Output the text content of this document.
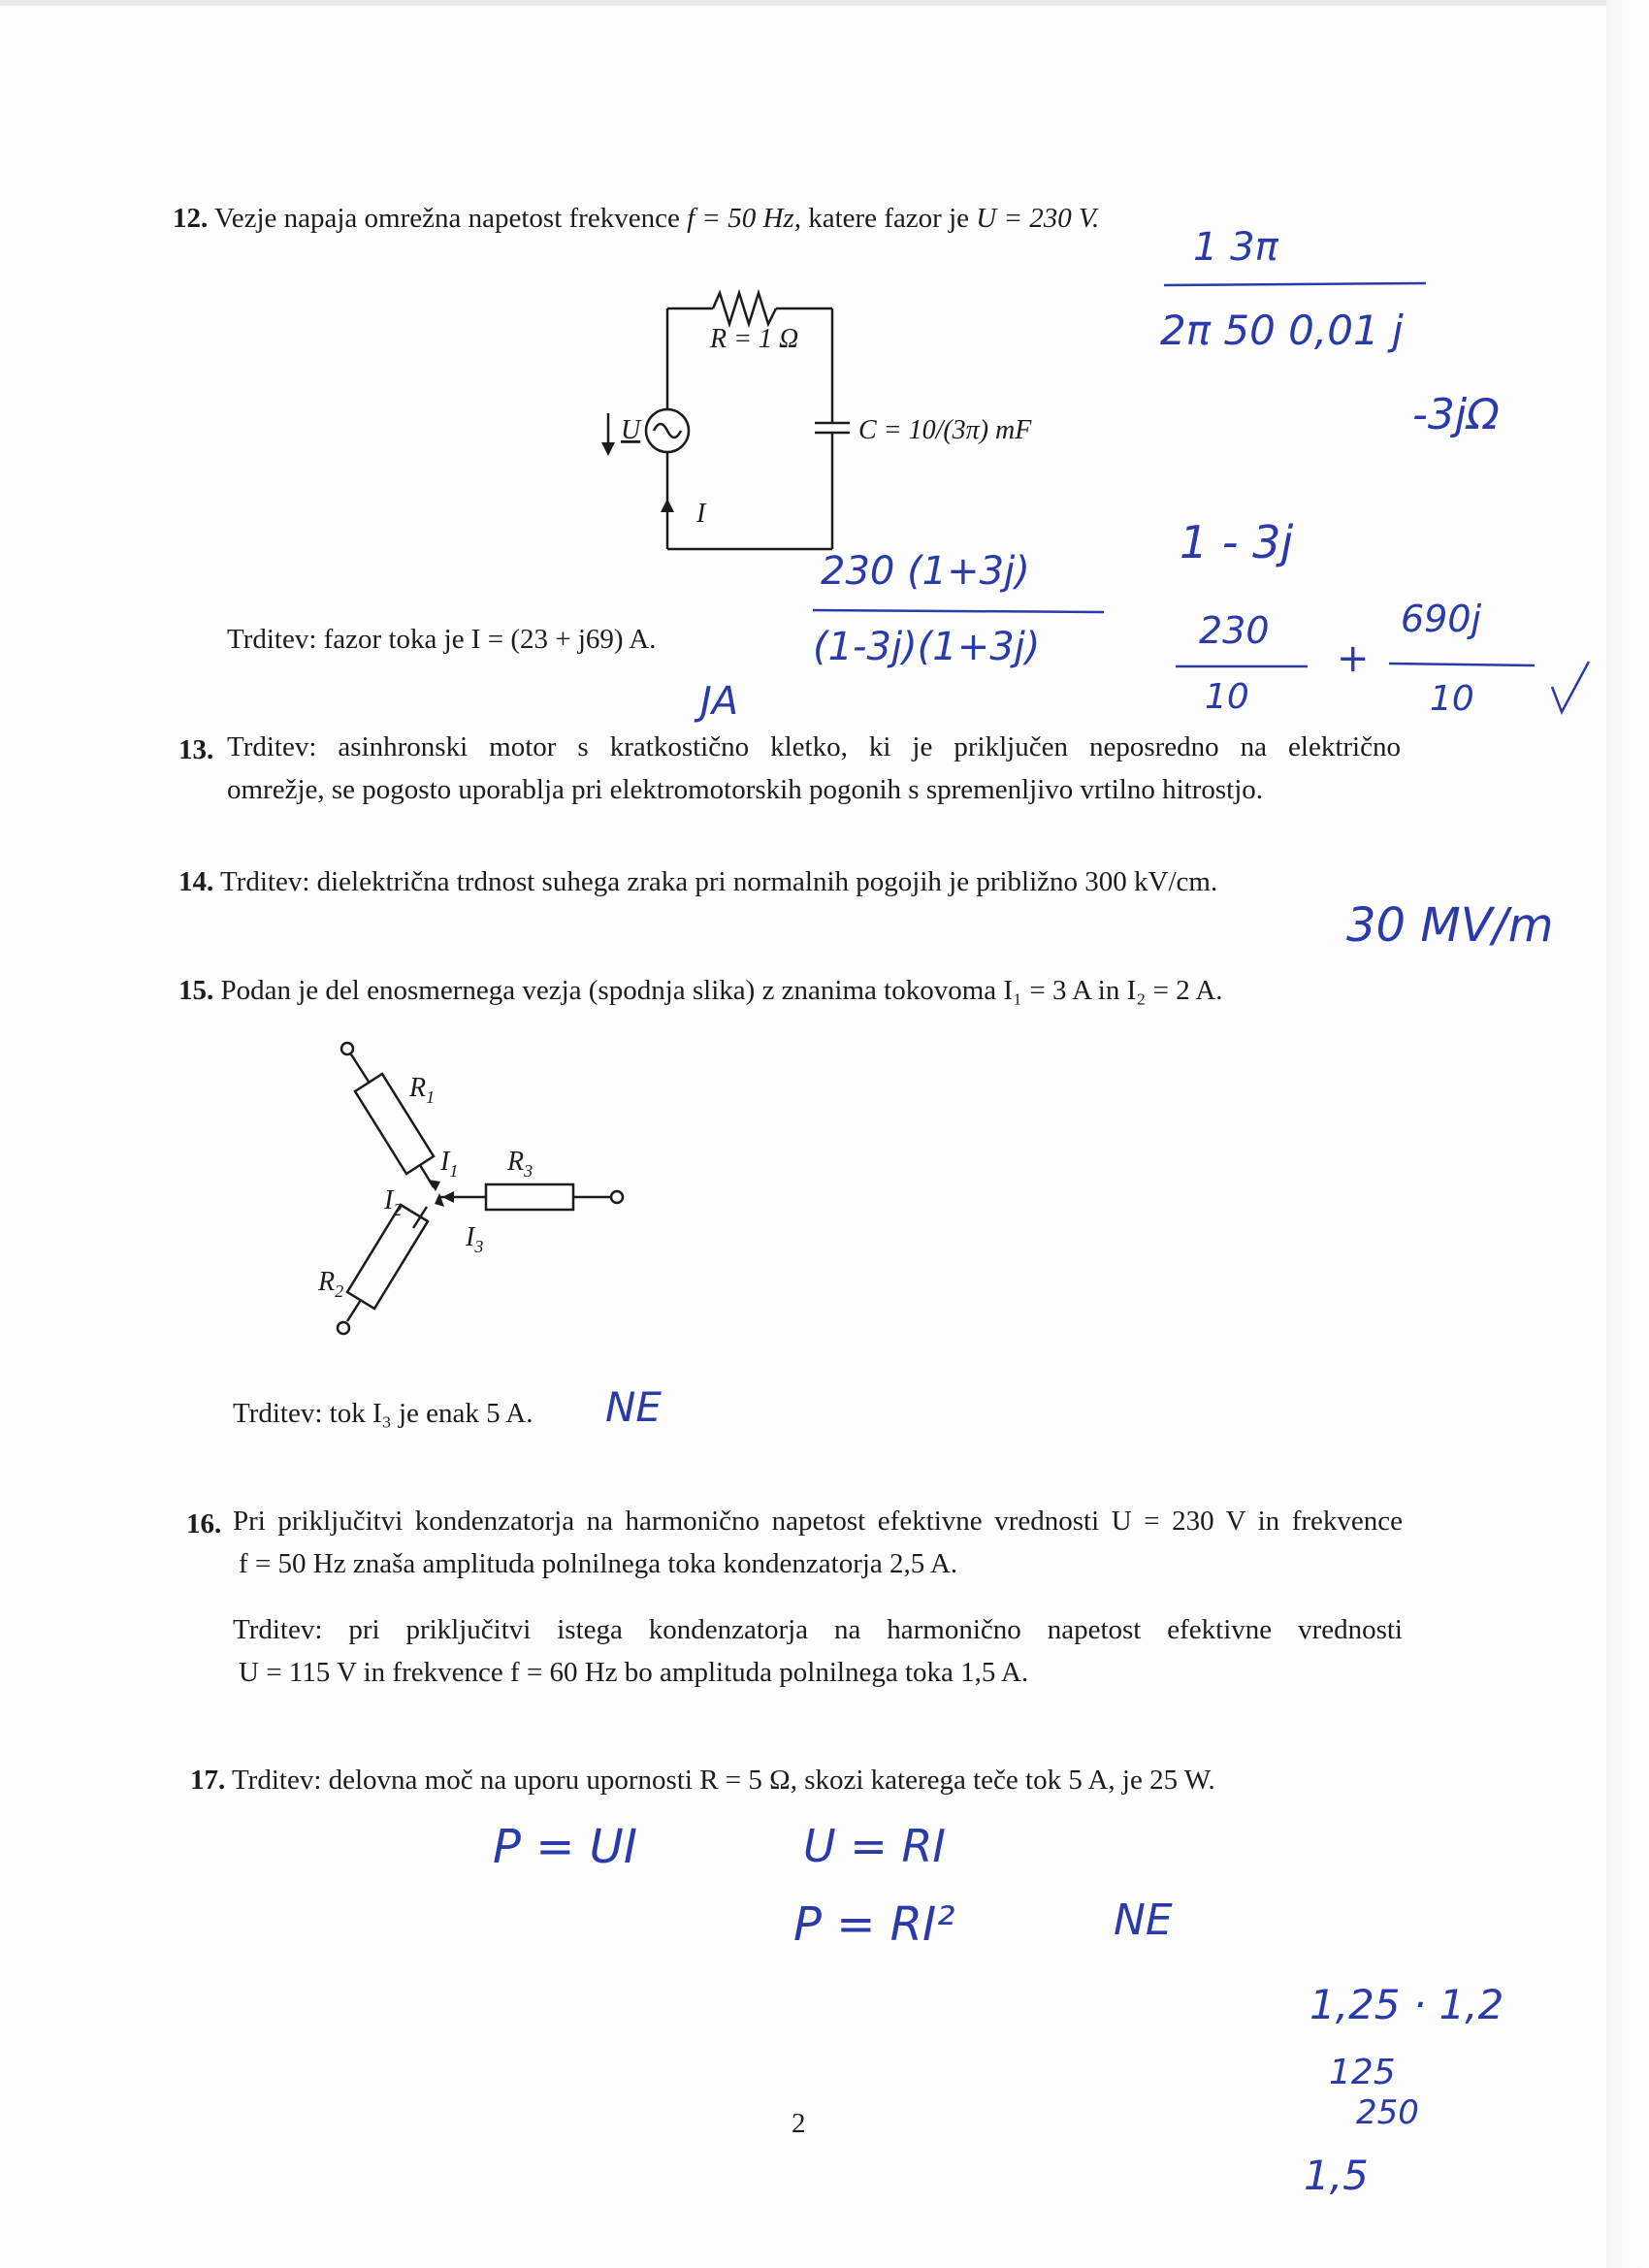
12. Vezje napaja omrežna napetost frekvence f = 50 Hz, katere fazor je U = 230 V.
R = 1 Ω
C = 10/(3π) mF
U
I
Trditev: fazor toka je I = (23 + j69) A.
13. Trditev: asinhronski motor s kratkostično kletko, ki je priključen neposredno na električno
omrežje, se pogosto uporablja pri elektromotorskih pogonih s spremenljivo vrtilno hitrostjo.
14. Trditev: dielektrična trdnost suhega zraka pri normalnih pogojih je približno 300 kV/cm.
15. Podan je del enosmernega vezja (spodnja slika) z znanima tokovoma I₁ = 3 A in I₂ = 2 A.
$R_1$
$I_1$ $R_3$
$I_2$
$I_3$
$R_2$
Trditev: tok I₃ je enak 5 A.
16. Pri priključitvi kondenzatorja na harmonično napetost efektivne vrednosti U = 230 V in frekvence
f = 50 Hz znaša amplituda polnilnega toka kondenzatorja 2,5 A.
Trditev: pri priključitvi istega kondenzatorja na harmonično napetost efektivne vrednosti
U = 115 V in frekvence f = 60 Hz bo amplituda polnilnega toka 1,5 A.
17. Trditev: delovna moč na uporu upornosti R = 5 Ω, skozi katerega teče tok 5 A, je 25 W.
2
1 3π
2π 50 0,01 j
-3jΩ
1 - 3j
230 (1+3j)
(1-3j)(1+3j)	230
10
+
690j
10
JA
30 MV/m
NE
P = UI	U = RI
P = RI²	NE
1,25 · 1,2
125
250
1,5
